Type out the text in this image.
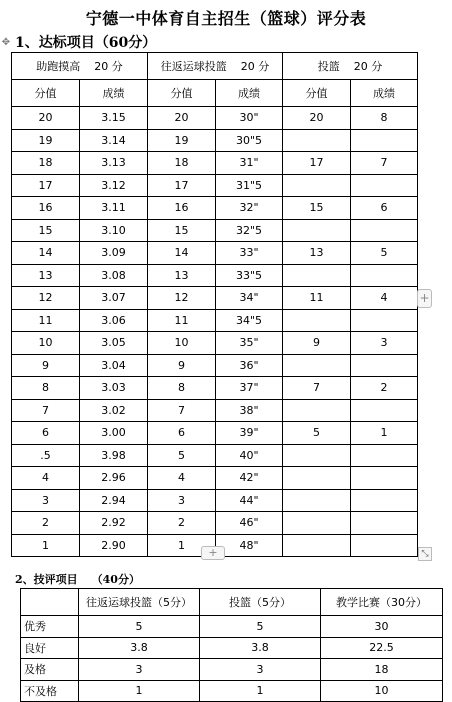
宁德一中体育自主招生（篮球）评分表
✥ 1、达标项目（60分）
助跑摸高 20 分		往返运球投篮 20 分		投篮 20 分	
分值	成绩	分值	成绩	分值	成绩
20	3.15	20	30"	20	8
19	3.14	19	30"5		
18	3.13	18	31"	17	7
17	3.12	17	31"5		
16	3.11	16	32"	15	6
15	3.10	15	32"5		
14	3.09	14	33"	13	5
13	3.08	13	33"5		
12	3.07	12	34"	11	4
11	3.06	11	34"5		
10	3.05	10	35"	9	3
9	3.04	9	36"		
8	3.03	8	37"	7	2
7	3.02	7	38"		
6	3.00	6	39"	5	1
.5	3.98	5	40"		
4	2.96	4	42"		
3	2.94	3	44"		
2	2.92	2	46"		
1	2.90	1	48"		
+
+	⤡
2、技评项目 （40分）
	往返运球投篮（5分）	投篮（5分）	教学比赛（30分）
优秀	5	5	30
良好	3.8	3.8	22.5
及格	3	3	18
不及格	1	1	10
